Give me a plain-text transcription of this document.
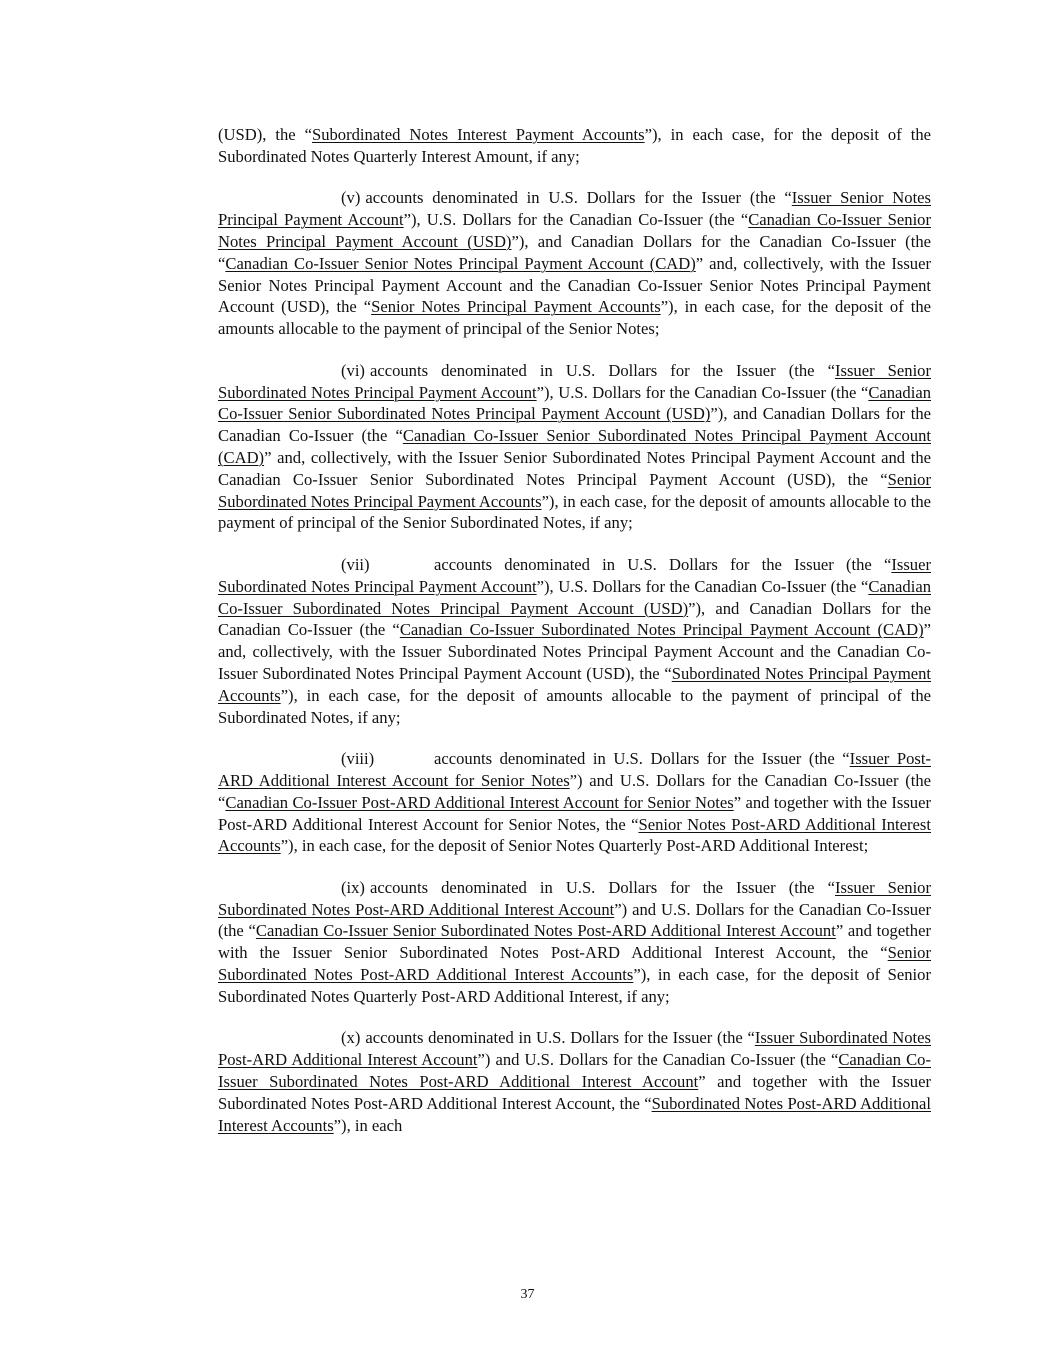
(USD), the “Subordinated Notes Interest Payment Accounts”), in each case, for the deposit of the Subordinated Notes Quarterly Interest Amount, if any;

(v) accounts denominated in U.S. Dollars for the Issuer (the “Issuer Senior Notes Principal Payment Account”), U.S. Dollars for the Canadian Co-Issuer (the “Canadian Co-Issuer Senior Notes Principal Payment Account (USD)”), and Canadian Dollars for the Canadian Co-Issuer (the “Canadian Co-Issuer Senior Notes Principal Payment Account (CAD)” and, collectively, with the Issuer Senior Notes Principal Payment Account and the Canadian Co-Issuer Senior Notes Principal Payment Account (USD), the “Senior Notes Principal Payment Accounts”), in each case, for the deposit of the amounts allocable to the payment of principal of the Senior Notes;

(vi) accounts denominated in U.S. Dollars for the Issuer (the “Issuer Senior Subordinated Notes Principal Payment Account”), U.S. Dollars for the Canadian Co-Issuer (the “Canadian Co-Issuer Senior Subordinated Notes Principal Payment Account (USD)”), and Canadian Dollars for the Canadian Co-Issuer (the “Canadian Co-Issuer Senior Subordinated Notes Principal Payment Account (CAD)” and, collectively, with the Issuer Senior Subordinated Notes Principal Payment Account and the Canadian Co-Issuer Senior Subordinated Notes Principal Payment Account (USD), the “Senior Subordinated Notes Principal Payment Accounts”), in each case, for the deposit of amounts allocable to the payment of principal of the Senior Subordinated Notes, if any;

(vii)	accounts denominated in U.S. Dollars for the Issuer (the “Issuer Subordinated Notes Principal Payment Account”), U.S. Dollars for the Canadian Co-Issuer (the “Canadian Co-Issuer Subordinated Notes Principal Payment Account (USD)”), and Canadian Dollars for the Canadian Co-Issuer (the “Canadian Co-Issuer Subordinated Notes Principal Payment Account (CAD)” and, collectively, with the Issuer Subordinated Notes Principal Payment Account and the Canadian Co-Issuer Subordinated Notes Principal Payment Account (USD), the “Subordinated Notes Principal Payment Accounts”), in each case, for the deposit of amounts allocable to the payment of principal of the Subordinated Notes, if any;

(viii)	accounts denominated in U.S. Dollars for the Issuer (the “Issuer Post-ARD Additional Interest Account for Senior Notes”) and U.S. Dollars for the Canadian Co-Issuer (the “Canadian Co-Issuer Post-ARD Additional Interest Account for Senior Notes” and together with the Issuer Post-ARD Additional Interest Account for Senior Notes, the “Senior Notes Post-ARD Additional Interest Accounts”), in each case, for the deposit of Senior Notes Quarterly Post-ARD Additional Interest;

(ix) accounts denominated in U.S. Dollars for the Issuer (the “Issuer Senior Subordinated Notes Post-ARD Additional Interest Account”) and U.S. Dollars for the Canadian Co-Issuer (the “Canadian Co-Issuer Senior Subordinated Notes Post-ARD Additional Interest Account” and together with the Issuer Senior Subordinated Notes Post-ARD Additional Interest Account, the “Senior Subordinated Notes Post-ARD Additional Interest Accounts”), in each case, for the deposit of Senior Subordinated Notes Quarterly Post-ARD Additional Interest, if any;

(x) accounts denominated in U.S. Dollars for the Issuer (the “Issuer Subordinated Notes Post-ARD Additional Interest Account”) and U.S. Dollars for the Canadian Co-Issuer (the “Canadian Co-Issuer Subordinated Notes Post-ARD Additional Interest Account” and together with the Issuer Subordinated Notes Post-ARD Additional Interest Account, the “Subordinated Notes Post-ARD Additional Interest Accounts”), in each

37
